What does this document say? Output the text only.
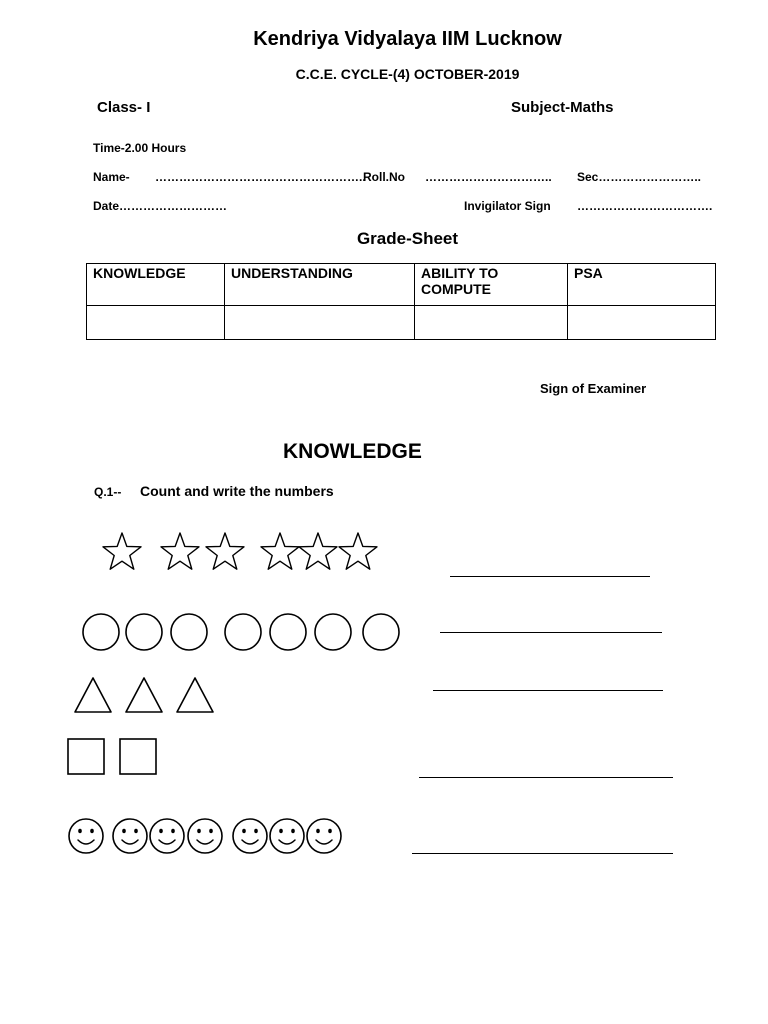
Kendriya Vidyalaya IIM Lucknow
C.C.E. CYCLE-(4) OCTOBER-2019
Class- I	Subject-Maths
Time-2.00 Hours
Name- ……………………………………………..
Roll.No ………………………….. Sec……………………..
Date………………………	Invigilator Sign …………………………….
Grade-Sheet
KNOWLEDGE	UNDERSTANDING	ABILITY TO COMPUTE	PSA

Sign of Examiner
KNOWLEDGE
Q.1-- Count and write the numbers
